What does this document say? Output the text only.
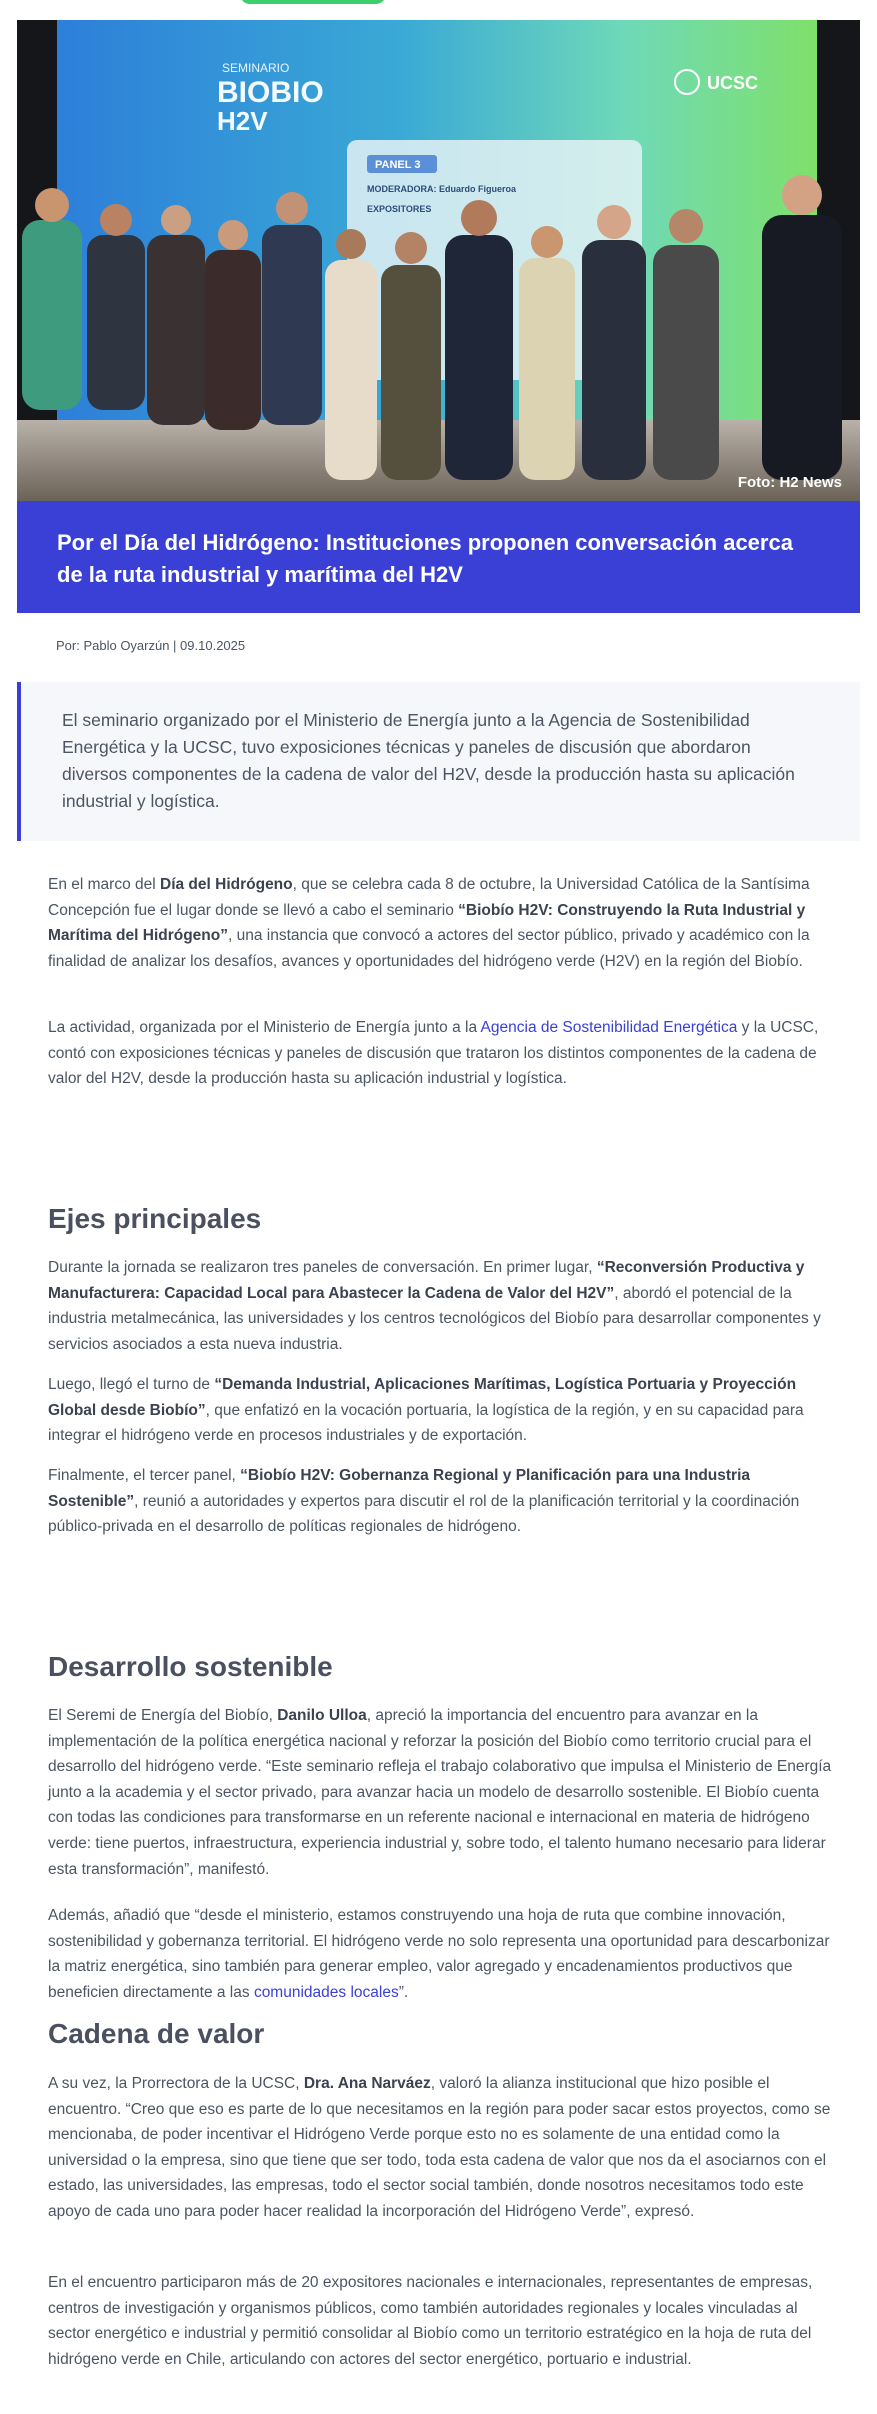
PANEL 3
MODERADORA: Eduardo Figueroa
EXPOSITORES
SEMINARIO
BIOBIO
H2V
UCSC
Foto: H2 News
Por el Día del Hidrógeno: Instituciones proponen conversación acerca de la ruta industrial y marítima del H2V
Por: Pablo Oyarzún | 09.10.2025

El seminario organizado por el Ministerio de Energía junto a la Agencia de Sostenibilidad Energética y la UCSC, tuvo exposiciones técnicas y paneles de discusión que abordaron diversos componentes de la cadena de valor del H2V, desde la producción hasta su aplicación industrial y logística.

En el marco del Día del Hidrógeno, que se celebra cada 8 de octubre, la Universidad Católica de la Santísima Concepción fue el lugar donde se llevó a cabo el seminario “Biobío H2V: Construyendo la Ruta Industrial y Marítima del Hidrógeno”, una instancia que convocó a actores del sector público, privado y académico con la finalidad de analizar los desafíos, avances y oportunidades del hidrógeno verde (H2V) en la región del Biobío.

La actividad, organizada por el Ministerio de Energía junto a la Agencia de Sostenibilidad Energética y la UCSC, contó con exposiciones técnicas y paneles de discusión que trataron los distintos componentes de la cadena de valor del H2V, desde la producción hasta su aplicación industrial y logística.

Ejes principales

Durante la jornada se realizaron tres paneles de conversación. En primer lugar, “Reconversión Productiva y Manufacturera: Capacidad Local para Abastecer la Cadena de Valor del H2V”, abordó el potencial de la industria metalmecánica, las universidades y los centros tecnológicos del Biobío para desarrollar componentes y servicios asociados a esta nueva industria.

Luego, llegó el turno de “Demanda Industrial, Aplicaciones Marítimas, Logística Portuaria y Proyección Global desde Biobío”, que enfatizó en la vocación portuaria, la logística de la región, y en su capacidad para integrar el hidrógeno verde en procesos industriales y de exportación.

Finalmente, el tercer panel, “Biobío H2V: Gobernanza Regional y Planificación para una Industria Sostenible”, reunió a autoridades y expertos para discutir el rol de la planificación territorial y la coordinación público-privada en el desarrollo de políticas regionales de hidrógeno.

Desarrollo sostenible

El Seremi de Energía del Biobío, Danilo Ulloa, apreció la importancia del encuentro para avanzar en la implementación de la política energética nacional y reforzar la posición del Biobío como territorio crucial para el desarrollo del hidrógeno verde. “Este seminario refleja el trabajo colaborativo que impulsa el Ministerio de Energía junto a la academia y el sector privado, para avanzar hacia un modelo de desarrollo sostenible. El Biobío cuenta con todas las condiciones para transformarse en un referente nacional e internacional en materia de hidrógeno verde: tiene puertos, infraestructura, experiencia industrial y, sobre todo, el talento humano necesario para liderar esta transformación”, manifestó.

Además, añadió que “desde el ministerio, estamos construyendo una hoja de ruta que combine innovación, sostenibilidad y gobernanza territorial. El hidrógeno verde no solo representa una oportunidad para descarbonizar la matriz energética, sino también para generar empleo, valor agregado y encadenamientos productivos que beneficien directamente a las comunidades locales”.

Cadena de valor

A su vez, la Prorrectora de la UCSC, Dra. Ana Narváez, valoró la alianza institucional que hizo posible el encuentro. “Creo que eso es parte de lo que necesitamos en la región para poder sacar estos proyectos, como se mencionaba, de poder incentivar el Hidrógeno Verde porque esto no es solamente de una entidad como la universidad o la empresa, sino que tiene que ser todo, toda esta cadena de valor que nos da el asociarnos con el estado, las universidades, las empresas, todo el sector social también, donde nosotros necesitamos todo este apoyo de cada uno para poder hacer realidad la incorporación del Hidrógeno Verde”, expresó.

En el encuentro participaron más de 20 expositores nacionales e internacionales, representantes de empresas, centros de investigación y organismos públicos, como también autoridades regionales y locales vinculadas al sector energético e industrial y permitió consolidar al Biobío como un territorio estratégico en la hoja de ruta del hidrógeno verde en Chile, articulando con actores del sector energético, portuario e industrial.
